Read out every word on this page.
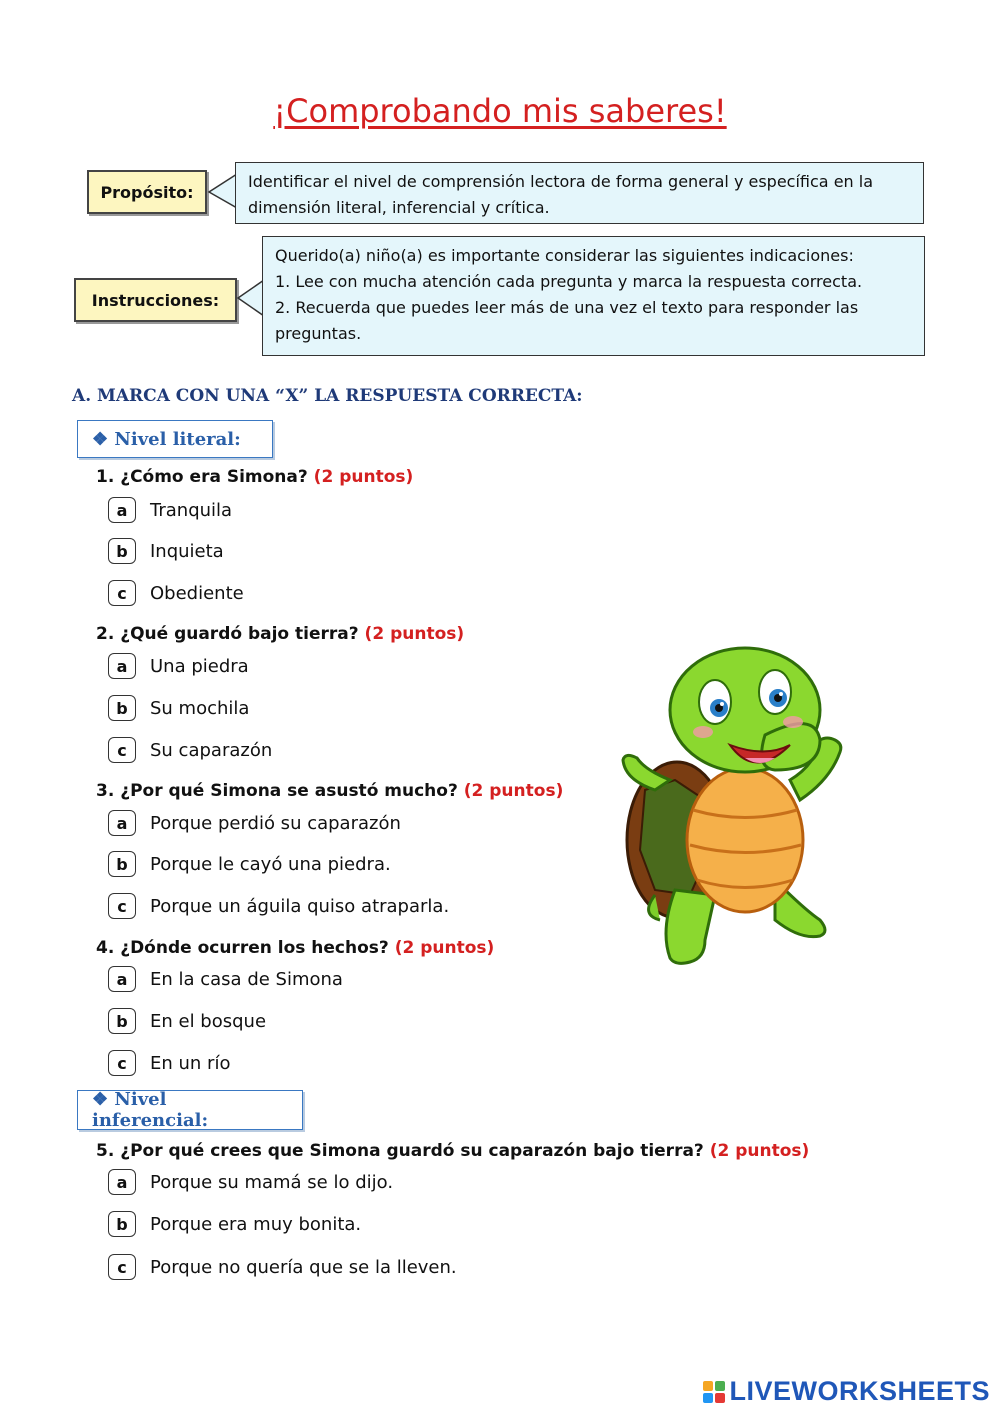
¡Comprobando mis saberes!
Propósito:
Identificar el nivel de comprensión lectora de forma general y específica en la dimensión literal, inferencial y crítica.
Instrucciones:
Querido(a) niño(a) es importante considerar las siguientes indicaciones:
1. Lee con mucha atención cada pregunta y marca la respuesta correcta.
2. Recuerda que puedes leer más de una vez el texto para responder las preguntas.
A. MARCA CON UNA “X” LA RESPUESTA CORRECTA:
❖ Nivel literal:
1. ¿Cómo era Simona? (2 puntos)
a	Tranquila
b	Inquieta
c	Obediente
2. ¿Qué guardó bajo tierra? (2 puntos)
a	Una piedra
b	Su mochila
c	Su caparazón
3. ¿Por qué Simona se asustó mucho? (2 puntos)
a	Porque perdió su caparazón
b	Porque le cayó una piedra.
c	Porque un águila quiso atraparla.
4. ¿Dónde ocurren los hechos? (2 puntos)
a	En la casa de Simona
b	En el bosque
c	En un río
❖ Nivel inferencial:
5. ¿Por qué crees que Simona guardó su caparazón bajo tierra? (2 puntos)
a	Porque su mamá se lo dijo.
b	Porque era muy bonita.
c	Porque no quería que se la lleven.
LIVEWORKSHEETS
